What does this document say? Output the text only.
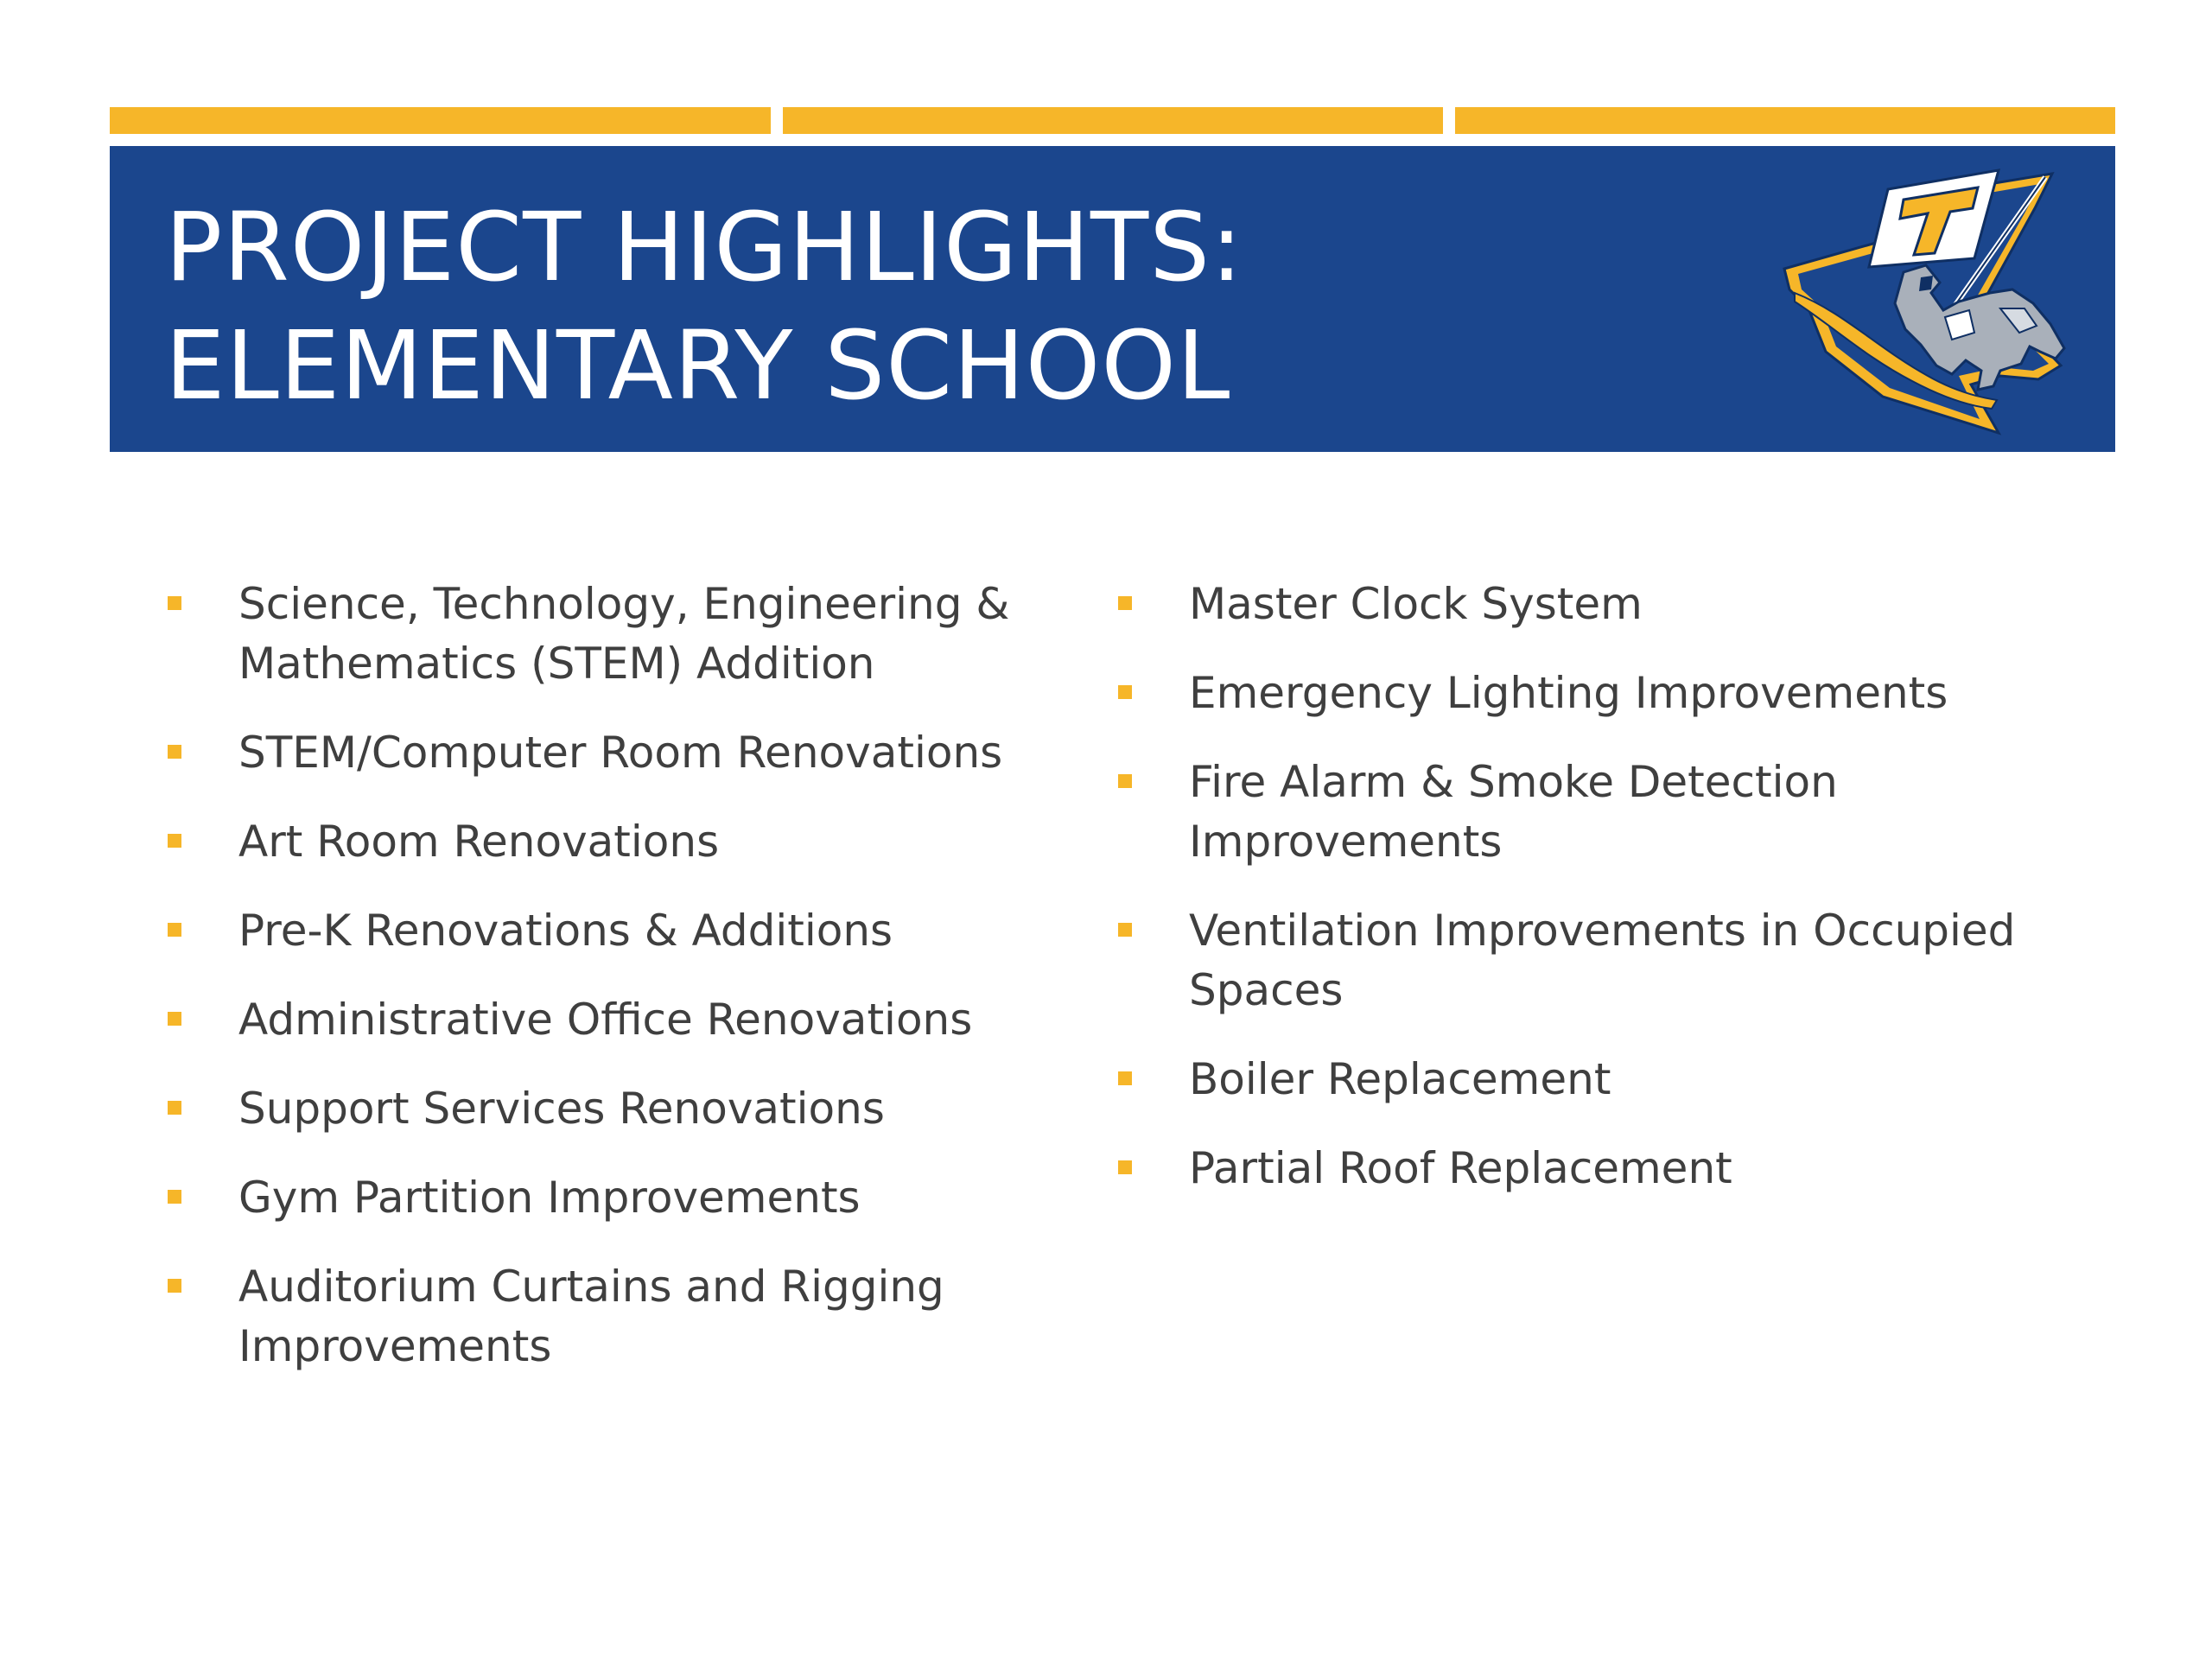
PROJECT HIGHLIGHTS:
ELEMENTARY SCHOOL
Science, Technology, Engineering &
Mathematics (STEM) Addition
STEM/Computer Room Renovations
Art Room Renovations
Pre-K Renovations & Additions
Administrative Office Renovations
Support Services Renovations
Gym Partition Improvements
Auditorium Curtains and Rigging
Improvements
Master Clock System
Emergency Lighting Improvements
Fire Alarm & Smoke Detection
Improvements
Ventilation Improvements in Occupied
Spaces
Boiler Replacement
Partial Roof Replacement
